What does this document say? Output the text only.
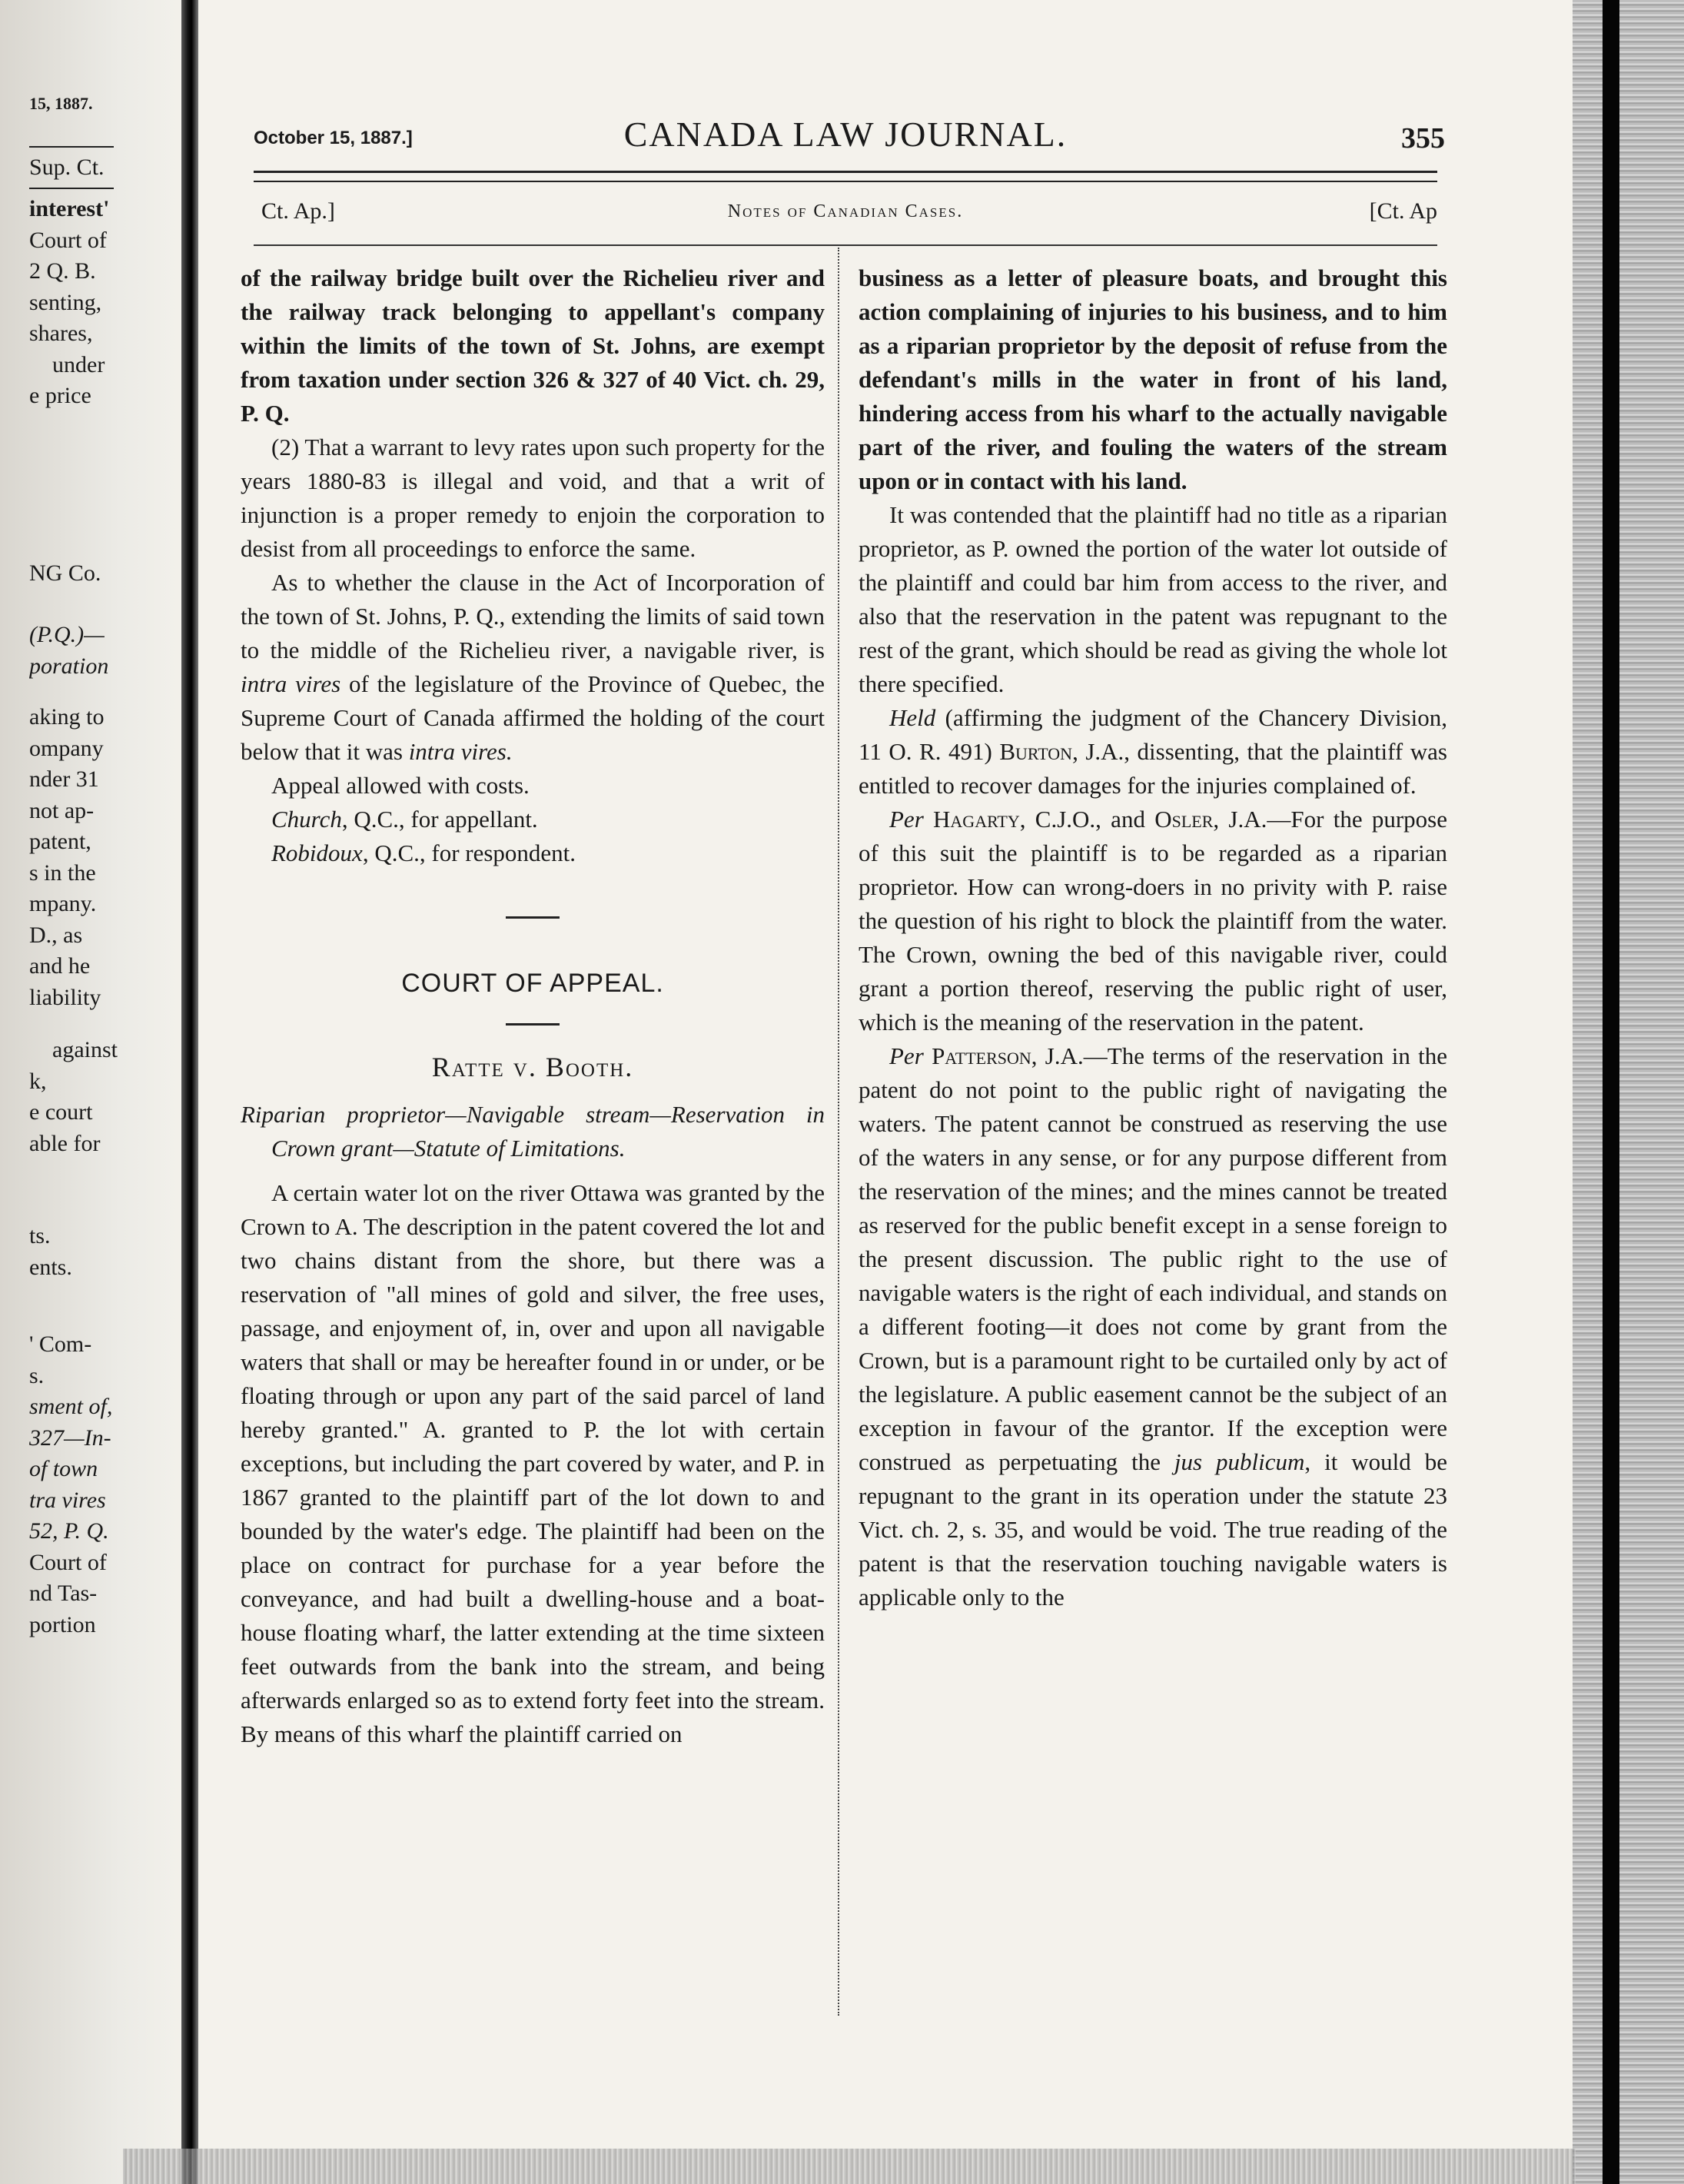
15, 1887.
Sup. Ct.
interest'
Court of
2 Q. B.
senting,
shares,
under
e price
NG Co.
(P.Q.)—
poration
aking to
ompany
nder 31
not ap-
patent,
s in the
mpany.
D., as
and he
liability
against
k,
e court
able for
ts.
ents.
' Com-
s.
sment of,
327—In-
of town
tra vires
52, P. Q.
Court of
nd Tas-
portion
October 15, 1887.]	CANADA LAW JOURNAL.	355
Ct. Ap.]	Notes of Canadian Cases.	[Ct. Ap

of the railway bridge built over the Richelieu river and the railway track belonging to appellant's company within the limits of the town of St. Johns, are exempt from taxation under section 326 & 327 of 40 Vict. ch. 29, P. Q.

(2) That a warrant to levy rates upon such property for the years 1880-83 is illegal and void, and that a writ of injunction is a proper remedy to enjoin the corporation to desist from all proceedings to enforce the same.

As to whether the clause in the Act of Incorporation of the town of St. Johns, P. Q., extending the limits of said town to the middle of the Richelieu river, a navigable river, is intra vires of the legislature of the Province of Quebec, the Supreme Court of Canada affirmed the holding of the court below that it was intra vires.

Appeal allowed with costs.

Church, Q.C., for appellant.

Robidoux, Q.C., for respondent.

COURT OF APPEAL.
Ratte v. Booth.

Riparian proprietor—Navigable stream—Reservation in Crown grant—Statute of Limitations.

A certain water lot on the river Ottawa was granted by the Crown to A. The description in the patent covered the lot and two chains distant from the shore, but there was a reservation of "all mines of gold and silver, the free uses, passage, and enjoyment of, in, over and upon all navigable waters that shall or may be hereafter found in or under, or be floating through or upon any part of the said parcel of land hereby granted." A. granted to P. the lot with certain exceptions, but including the part covered by water, and P. in 1867 granted to the plaintiff part of the lot down to and bounded by the water's edge. The plaintiff had been on the place on contract for purchase for a year before the conveyance, and had built a dwelling-house and a boat-house floating wharf, the latter extending at the time sixteen feet outwards from the bank into the stream, and being afterwards enlarged so as to extend forty feet into the stream. By means of this wharf the plaintiff carried on

business as a letter of pleasure boats, and brought this action complaining of injuries to his business, and to him as a riparian proprietor by the deposit of refuse from the defendant's mills in the water in front of his land, hindering access from his wharf to the actually navigable part of the river, and fouling the waters of the stream upon or in contact with his land.

It was contended that the plaintiff had no title as a riparian proprietor, as P. owned the portion of the water lot outside of the plaintiff and could bar him from access to the river, and also that the reservation in the patent was repugnant to the rest of the grant, which should be read as giving the whole lot there specified.

Held (affirming the judgment of the Chancery Division, 11 O. R. 491) Burton, J.A., dissenting, that the plaintiff was entitled to recover damages for the injuries complained of.

Per Hagarty, C.J.O., and Osler, J.A.—For the purpose of this suit the plaintiff is to be regarded as a riparian proprietor. How can wrong-doers in no privity with P. raise the question of his right to block the plaintiff from the water. The Crown, owning the bed of this navigable river, could grant a portion thereof, reserving the public right of user, which is the meaning of the reservation in the patent.

Per Patterson, J.A.—The terms of the reservation in the patent do not point to the public right of navigating the waters. The patent cannot be construed as reserving the use of the waters in any sense, or for any purpose different from the reservation of the mines; and the mines cannot be treated as reserved for the public benefit except in a sense foreign to the present discussion. The public right to the use of navigable waters is the right of each individual, and stands on a different footing—it does not come by grant from the Crown, but is a paramount right to be curtailed only by act of the legislature. A public easement cannot be the subject of an exception in favour of the grantor. If the exception were construed as perpetuating the jus publicum, it would be repugnant to the grant in its operation under the statute 23 Vict. ch. 2, s. 35, and would be void. The true reading of the patent is that the reservation touching navigable waters is applicable only to the
